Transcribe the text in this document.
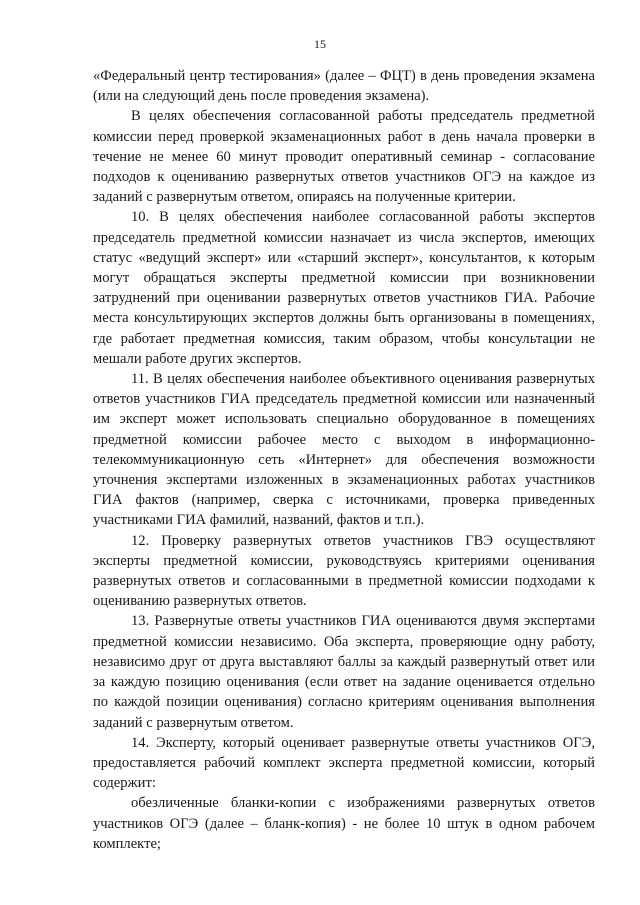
15

«Федеральный центр тестирования» (далее – ФЦТ) в день проведения экзамена (или на следующий день после проведения экзамена).

В целях обеспечения согласованной работы председатель предметной комиссии перед проверкой экзаменационных работ в день начала проверки в течение не менее 60 минут проводит оперативный семинар - согласование подходов к оцениванию развернутых ответов участников ОГЭ на каждое из заданий с развернутым ответом, опираясь на полученные критерии.

10. В целях обеспечения наиболее согласованной работы экспертов председатель предметной комиссии назначает из числа экспертов, имеющих статус «ведущий эксперт» или «старший эксперт», консультантов, к которым могут обращаться эксперты предметной комиссии при возникновении затруднений при оценивании развернутых ответов участников ГИА. Рабочие места консультирующих экспертов должны быть организованы в помещениях, где работает предметная комиссия, таким образом, чтобы консультации не мешали работе других экспертов.

11. В целях обеспечения наиболее объективного оценивания развернутых ответов участников ГИА председатель предметной комиссии или назначенный им эксперт может использовать специально оборудованное в помещениях предметной комиссии рабочее место с выходом в информационно-телекоммуникационную сеть «Интернет» для обеспечения возможности уточнения экспертами изложенных в экзаменационных работах участников ГИА фактов (например, сверка с источниками, проверка приведенных участниками ГИА фамилий, названий, фактов и т.п.).

12. Проверку развернутых ответов участников ГВЭ осуществляют эксперты предметной комиссии, руководствуясь критериями оценивания развернутых ответов и согласованными в предметной комиссии подходами к оцениванию развернутых ответов.

13. Развернутые ответы участников ГИА оцениваются двумя экспертами предметной комиссии независимо. Оба эксперта, проверяющие одну работу, независимо друг от друга выставляют баллы за каждый развернутый ответ или за каждую позицию оценивания (если ответ на задание оценивается отдельно по каждой позиции оценивания) согласно критериям оценивания выполнения заданий с развернутым ответом.

14. Эксперту, который оценивает развернутые ответы участников ОГЭ, предоставляется рабочий комплект эксперта предметной комиссии, который содержит:

обезличенные бланки-копии с изображениями развернутых ответов участников ОГЭ (далее – бланк-копия) - не более 10 штук в одном рабочем комплекте;
